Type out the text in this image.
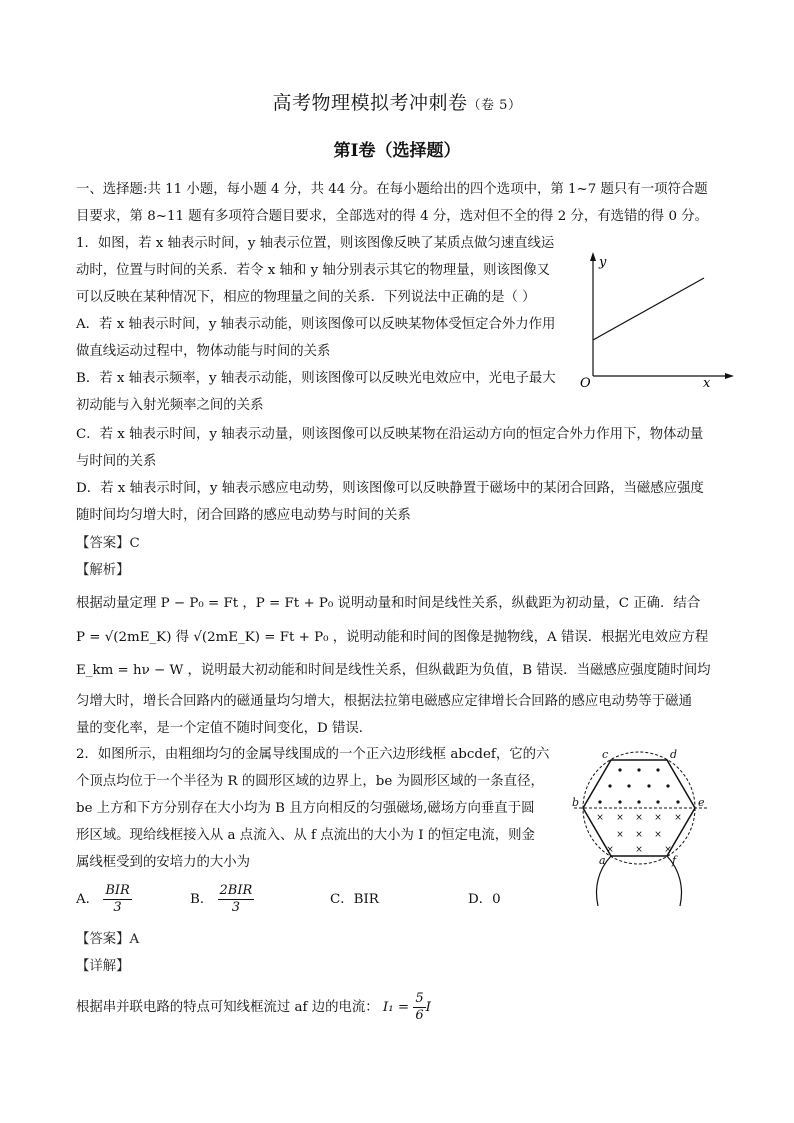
高考物理模拟考冲刺卷（卷 5）
第Ⅰ卷（选择题）
一、选择题:共 11 小题，每小题 4 分，共 44 分。在每小题给出的四个选项中，第 1~7 题只有一项符合题
目要求，第 8~11 题有多项符合题目要求，全部选对的得 4 分，选对但不全的得 2 分，有选错的得 0 分。
1．如图，若 x 轴表示时间，y 轴表示位置，则该图像反映了某质点做匀速直线运
动时，位置与时间的关系．若令 x 轴和 y 轴分别表示其它的物理量，则该图像又
可以反映在某种情况下，相应的物理量之间的关系．下列说法中正确的是（ ）
A．若 x 轴表示时间，y 轴表示动能，则该图像可以反映某物体受恒定合外力作用
做直线运动过程中，物体动能与时间的关系
B．若 x 轴表示频率，y 轴表示动能，则该图像可以反映光电效应中，光电子最大
初动能与入射光频率之间的关系
C．若 x 轴表示时间，y 轴表示动量，则该图像可以反映某物在沿运动方向的恒定合外力作用下，物体动量
与时间的关系
D．若 x 轴表示时间，y 轴表示感应电动势，则该图像可以反映静置于磁场中的某闭合回路，当磁感应强度
随时间均匀增大时，闭合回路的感应电动势与时间的关系
y
x
O
【答案】C
【解析】
根据动量定理 P − P₀ = Ft ，P = Ft + P₀ 说明动量和时间是线性关系，纵截距为初动量，C 正确．结合
P = √(2mE_K) 得 √(2mE_K) = Ft + P₀ ，说明动能和时间的图像是抛物线，A 错误．根据光电效应方程
E_km = hν − W ，说明最大初动能和时间是线性关系，但纵截距为负值，B 错误．当磁感应强度随时间均
匀增大时，增长合回路内的磁通量均匀增大，根据法拉第电磁感应定律增长合回路的感应电动势等于磁通
量的变化率，是一个定值不随时间变化，D 错误．
2．如图所示，由粗细均匀的金属导线围成的一个正六边形线框 abcdef，它的六
个顶点均位于一个半径为 R 的圆形区域的边界上，be 为圆形区域的一条直径，
be 上方和下方分别存在大小均为 B 且方向相反的匀强磁场,磁场方向垂直于圆
形区域。现给线框接入从 a 点流入、从 f 点流出的大小为 I 的恒定电流，则金
属线框受到的安培力的大小为
A． $\frac{\text{BIR}}{3}$	B． $\frac{\text{2BIR}}{3}$	C．BIR	D．0
【答案】A
【详解】
根据串并联电路的特点可知线框流过 af 边的电流： $I_1 = \frac{5}{6}$ I
× × × × ×
× × ×
× × ×
a
b
c	d
e
f
